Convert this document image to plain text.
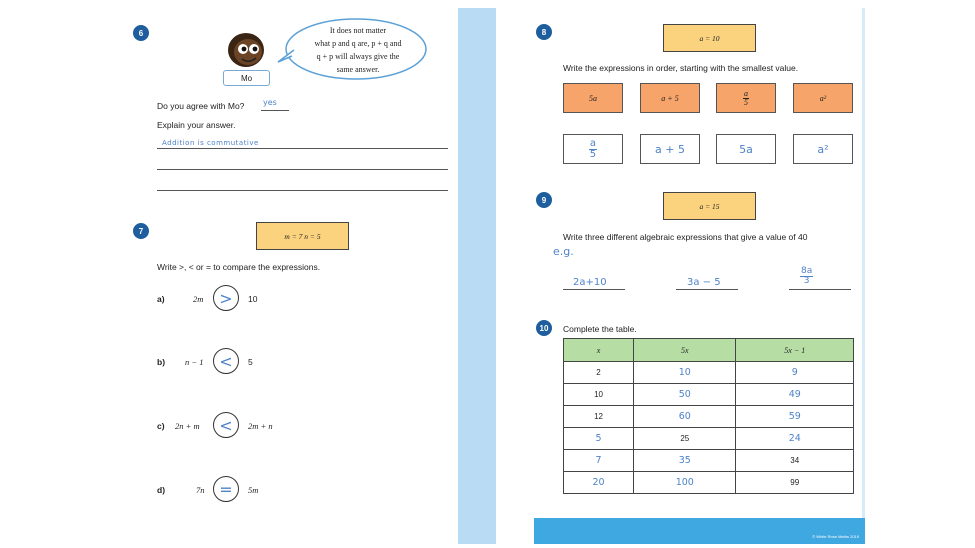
6
Mo
It does not matter
what p and q are, p + q and
q + p will always give the
same answer.
Do you agree with Mo? yes
Explain your answer.
Addition is commutative
7
m = 7 n = 5
Write >, < or = to compare the expressions.
a)	2m >	10
b) n − 1 <	5
c) 2n + m	<	2m + n
d)	7n =	5m
8
a = 10
Write the expressions in order, starting with the smallest value.
5a	a + 5	$\frac{a}{5}$	a²
$\frac{a}{5}$	a + 5	5a	a²
9
a = 15
Write three different algebraic expressions that give a value of 40
e.g.
2a+10	3a − 5	$\frac{8a}{3}$
10	Complete the table.
x	5x	5x − 1
2	10	9
10	50	49
12	60	59
5	25	24
7	35	34
20	100	99
© White Rose Maths 2019
